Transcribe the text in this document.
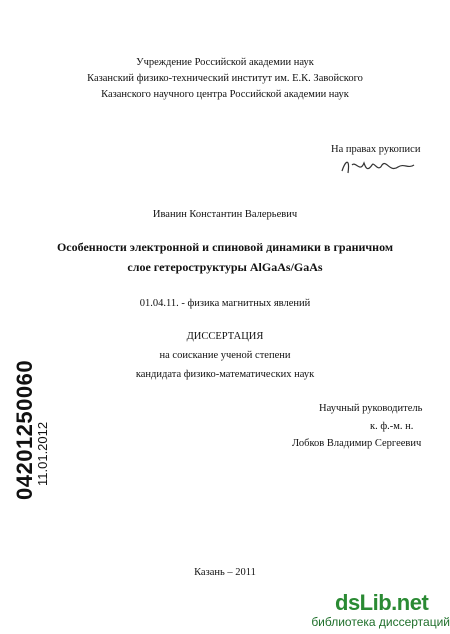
Учреждение Российской академии наук
Казанский физико-технический институт им. Е.К. Завойского
Казанского научного центра Российской академии наук
На правах рукописи
Иванин Константин Валерьевич
Особенности электронной и спиновой динамики в граничном
слое гетероструктуры AlGaAs/GaAs
01.04.11. - физика магнитных явлений
ДИССЕРТАЦИЯ
на соискание ученой степени
кандидата физико-математических наук
Научный руководитель
к. ф.-м. н.
Лобков Владимир Сергеевич
Казань – 2011
04201250060
11.01.2012
dsLib.net
библиотека диссертаций
